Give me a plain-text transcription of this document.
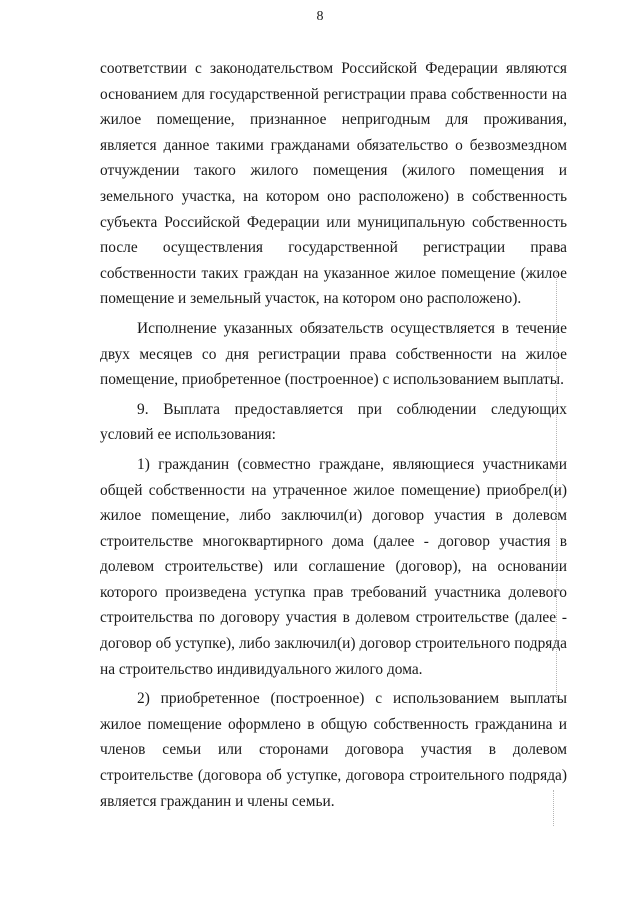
8

соответствии с законодательством Российской Федерации являются основанием для государственной регистрации права собственности на жилое помещение, признанное непригодным для проживания, является данное такими гражданами обязательство о безвозмездном отчуждении такого жилого помещения (жилого помещения и земельного участка, на котором оно расположено) в собственность субъекта Российской Федерации или муниципальную собственность после осуществления государственной регистрации права собственности таких граждан на указанное жилое помещение (жилое помещение и земельный участок, на котором оно расположено).

Исполнение указанных обязательств осуществляется в течение двух месяцев со дня регистрации права собственности на жилое помещение, приобретенное (построенное) с использованием выплаты.

9. Выплата предоставляется при соблюдении следующих условий ее использования:

1) гражданин (совместно граждане, являющиеся участниками общей собственности на утраченное жилое помещение) приобрел(и) жилое помещение, либо заключил(и) договор участия в долевом строительстве многоквартирного дома (далее - договор участия в долевом строительстве) или соглашение (договор), на основании которого произведена уступка прав требований участника долевого строительства по договору участия в долевом строительстве (далее - договор об уступке), либо заключил(и) договор строительного подряда на строительство индивидуального жилого дома.

2) приобретенное (построенное) с использованием выплаты жилое помещение оформлено в общую собственность гражданина и членов семьи или сторонами договора участия в долевом строительстве (договора об уступке, договора строительного подряда) является гражданин и члены семьи.
